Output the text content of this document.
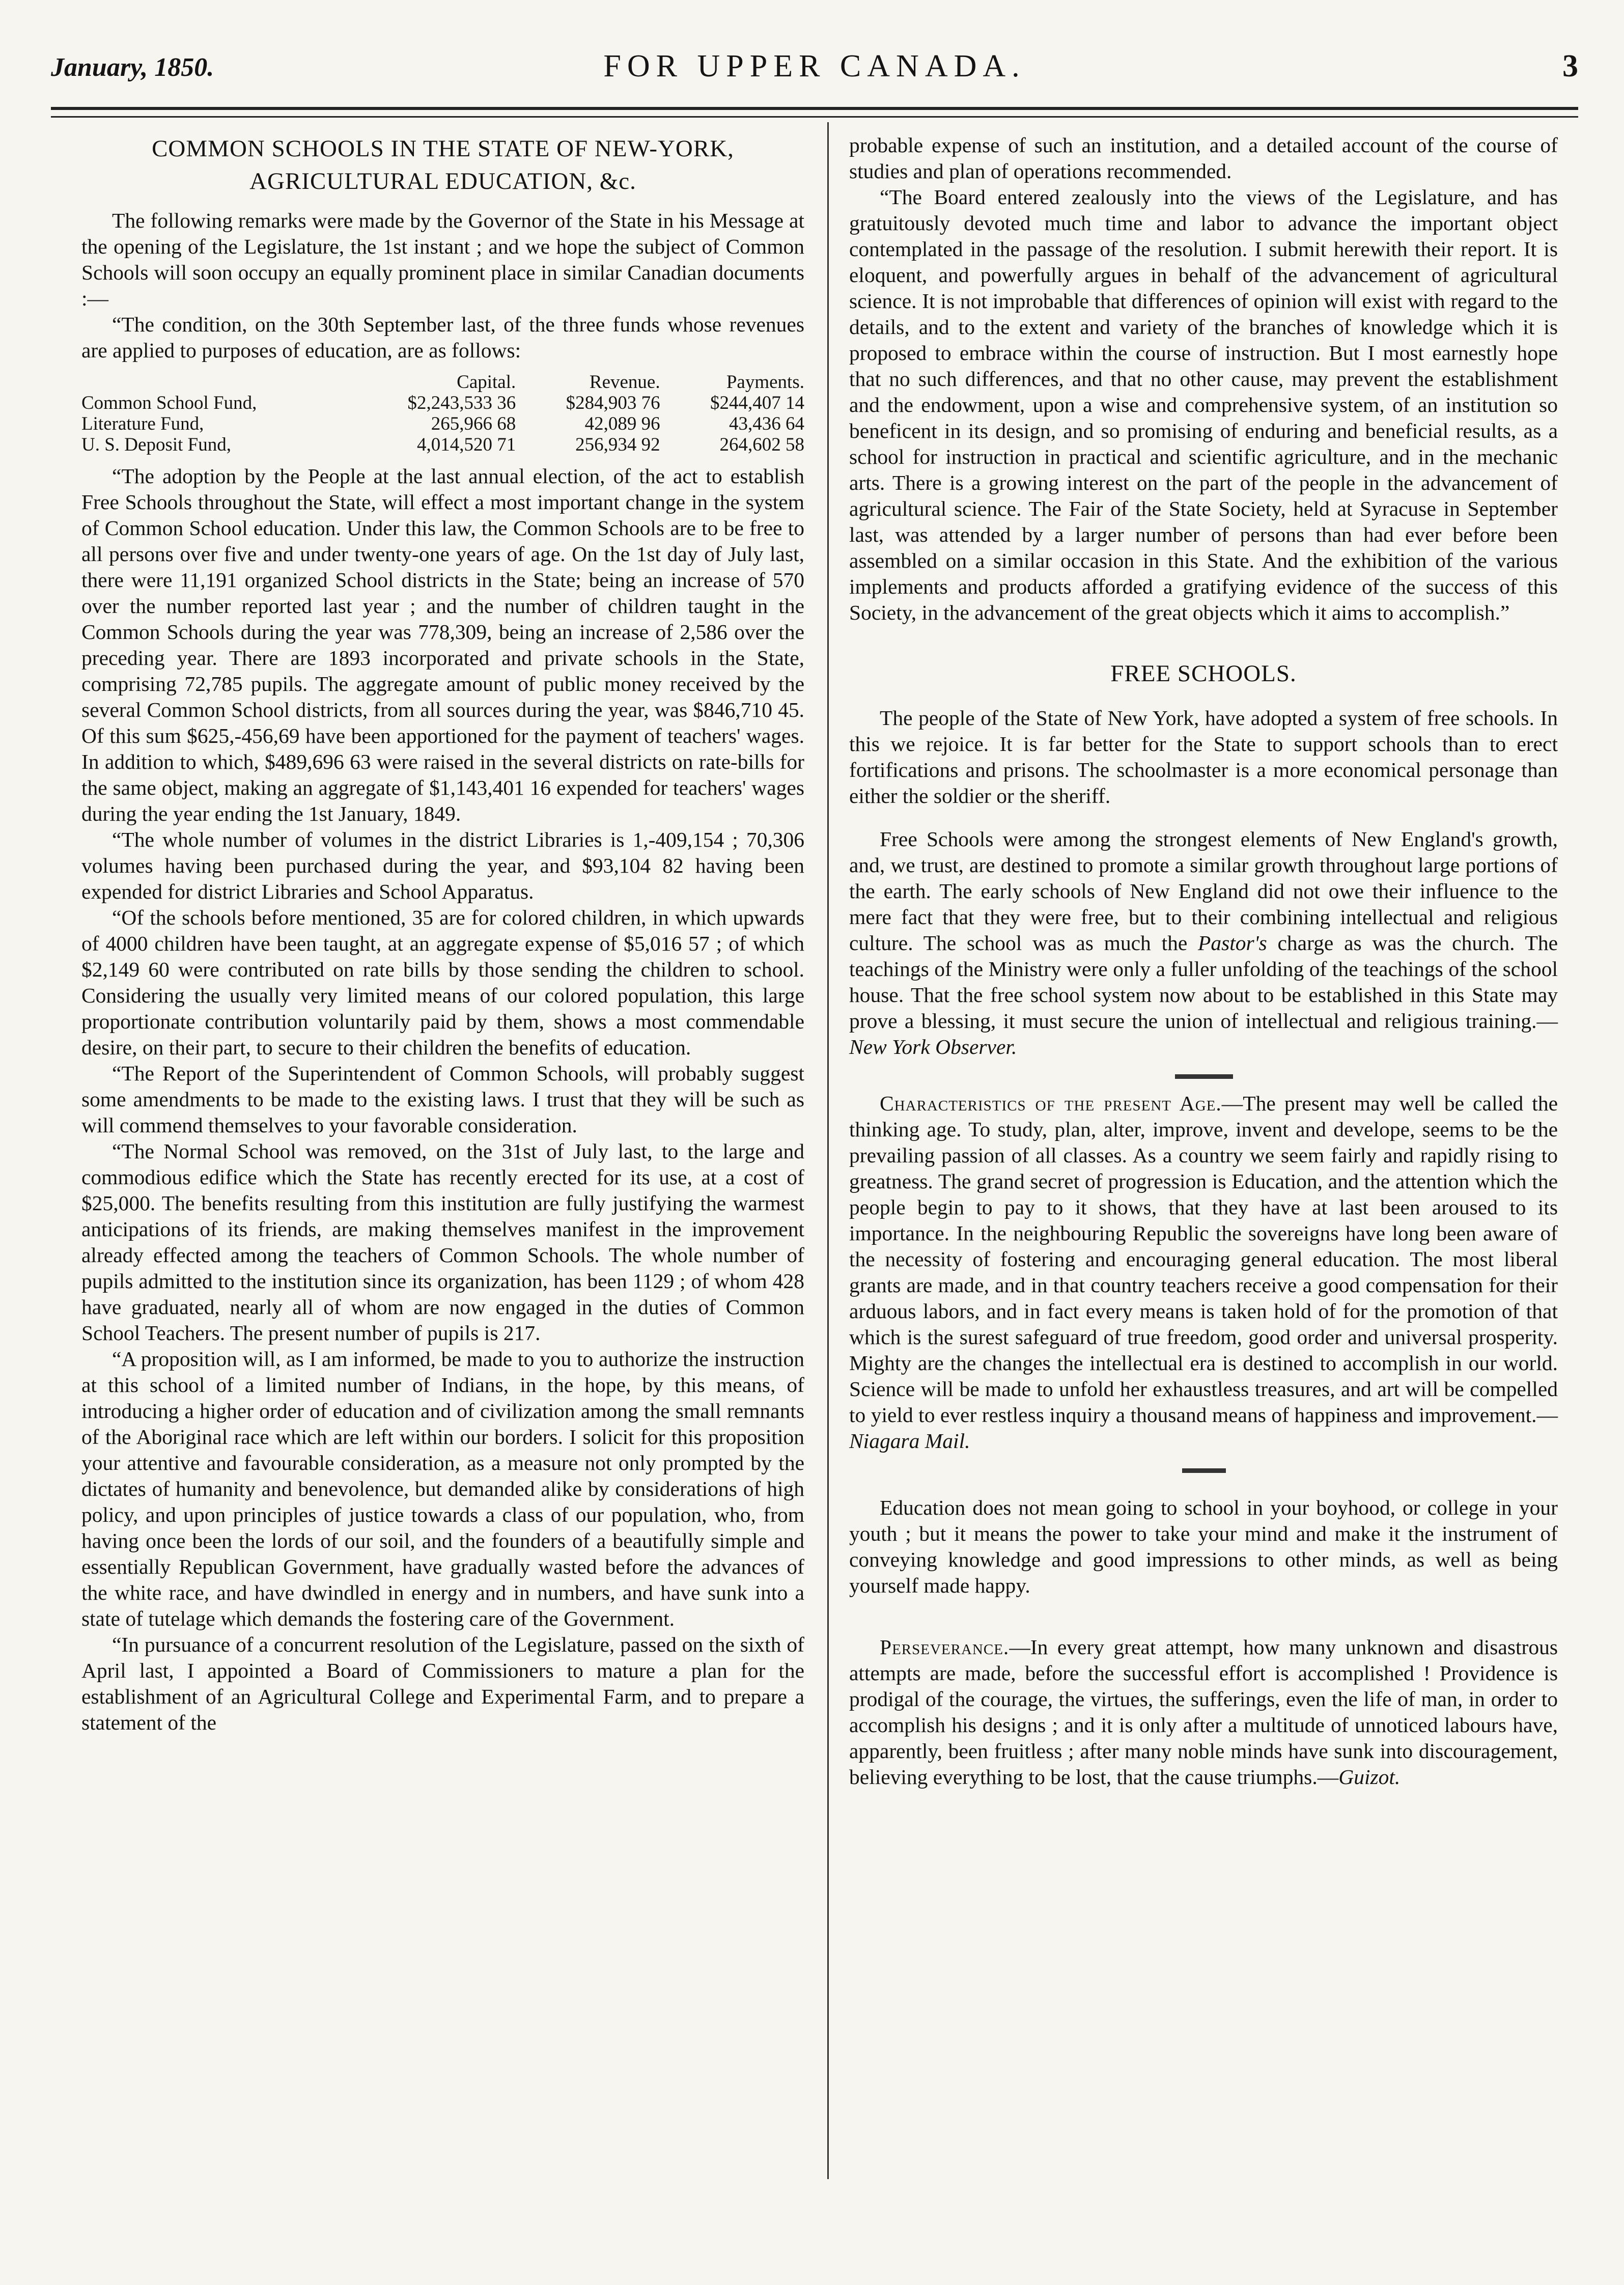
January, 1850.	FOR UPPER CANADA.	3
COMMON SCHOOLS IN THE STATE OF NEW-YORK,
AGRICULTURAL EDUCATION, &c.

The following remarks were made by the Governor of the State in his Message at the opening of the Legislature, the 1st instant ; and we hope the subject of Common Schools will soon occupy an equally prominent place in similar Canadian documents :—

“The condition, on the 30th September last, of the three funds whose revenues are applied to purposes of education, are as follows:

	Capital.	Revenue.	Payments.
Common School Fund,	$2,243,533 36	$284,903 76	$244,407 14
Literature Fund,	265,966 68	42,089 96	43,436 64
U. S. Deposit Fund,	4,014,520 71	256,934 92	264,602 58

“The adoption by the People at the last annual election, of the act to establish Free Schools throughout the State, will effect a most important change in the system of Common School education. Under this law, the Common Schools are to be free to all persons over five and under twenty-one years of age. On the 1st day of July last, there were 11,191 organized School districts in the State; being an increase of 570 over the number reported last year ; and the number of children taught in the Common Schools during the year was 778,309, being an increase of 2,586 over the preceding year. There are 1893 incorporated and private schools in the State, comprising 72,785 pupils. The aggregate amount of public money received by the several Common School districts, from all sources during the year, was $846,710 45. Of this sum $625,-456,69 have been apportioned for the payment of teachers' wages. In addition to which, $489,696 63 were raised in the several districts on rate-bills for the same object, making an aggregate of $1,143,401 16 expended for teachers' wages during the year ending the 1st January, 1849.

“The whole number of volumes in the district Libraries is 1,-409,154 ; 70,306 volumes having been purchased during the year, and $93,104 82 having been expended for district Libraries and School Apparatus.

“Of the schools before mentioned, 35 are for colored children, in which upwards of 4000 children have been taught, at an aggregate expense of $5,016 57 ; of which $2,149 60 were contributed on rate bills by those sending the children to school. Considering the usually very limited means of our colored population, this large proportionate contribution voluntarily paid by them, shows a most commendable desire, on their part, to secure to their children the benefits of education.

“The Report of the Superintendent of Common Schools, will probably suggest some amendments to be made to the existing laws. I trust that they will be such as will commend themselves to your favorable consideration.

“The Normal School was removed, on the 31st of July last, to the large and commodious edifice which the State has recently erected for its use, at a cost of $25,000. The benefits resulting from this institution are fully justifying the warmest anticipations of its friends, are making themselves manifest in the improvement already effected among the teachers of Common Schools. The whole number of pupils admitted to the institution since its organization, has been 1129 ; of whom 428 have graduated, nearly all of whom are now engaged in the duties of Common School Teachers. The present number of pupils is 217.

“A proposition will, as I am informed, be made to you to authorize the instruction at this school of a limited number of Indians, in the hope, by this means, of introducing a higher order of education and of civilization among the small remnants of the Aboriginal race which are left within our borders. I solicit for this proposition your attentive and favourable consideration, as a measure not only prompted by the dictates of humanity and benevolence, but demanded alike by considerations of high policy, and upon principles of justice towards a class of our population, who, from having once been the lords of our soil, and the founders of a beautifully simple and essentially Republican Government, have gradually wasted before the advances of the white race, and have dwindled in energy and in numbers, and have sunk into a state of tutelage which demands the fostering care of the Government.

“In pursuance of a concurrent resolution of the Legislature, passed on the sixth of April last, I appointed a Board of Commissioners to mature a plan for the establishment of an Agricultural College and Experimental Farm, and to prepare a statement of the

probable expense of such an institution, and a detailed account of the course of studies and plan of operations recommended.

“The Board entered zealously into the views of the Legislature, and has gratuitously devoted much time and labor to advance the important object contemplated in the passage of the resolution. I submit herewith their report. It is eloquent, and powerfully argues in behalf of the advancement of agricultural science. It is not improbable that differences of opinion will exist with regard to the details, and to the extent and variety of the branches of knowledge which it is proposed to embrace within the course of instruction. But I most earnestly hope that no such differences, and that no other cause, may prevent the establishment and the endowment, upon a wise and comprehensive system, of an institution so beneficent in its design, and so promising of enduring and beneficial results, as a school for instruction in practical and scientific agriculture, and in the mechanic arts. There is a growing interest on the part of the people in the advancement of agricultural science. The Fair of the State Society, held at Syracuse in September last, was attended by a larger number of persons than had ever before been assembled on a similar occasion in this State. And the exhibition of the various implements and products afforded a gratifying evidence of the success of this Society, in the advancement of the great objects which it aims to accomplish.”

FREE SCHOOLS.

The people of the State of New York, have adopted a system of free schools. In this we rejoice. It is far better for the State to support schools than to erect fortifications and prisons. The schoolmaster is a more economical personage than either the soldier or the sheriff.

Free Schools were among the strongest elements of New England's growth, and, we trust, are destined to promote a similar growth throughout large portions of the earth. The early schools of New England did not owe their influence to the mere fact that they were free, but to their combining intellectual and religious culture. The school was as much the Pastor's charge as was the church. The teachings of the Ministry were only a fuller unfolding of the teachings of the school house. That the free school system now about to be established in this State may prove a blessing, it must secure the union of intellectual and religious training.—New York Observer.

▬▬▬▬

Characteristics of the present Age.—The present may well be called the thinking age. To study, plan, alter, improve, invent and develope, seems to be the prevailing passion of all classes. As a country we seem fairly and rapidly rising to greatness. The grand secret of progression is Education, and the attention which the people begin to pay to it shows, that they have at last been aroused to its importance. In the neighbouring Republic the sovereigns have long been aware of the necessity of fostering and encouraging general education. The most liberal grants are made, and in that country teachers receive a good compensation for their arduous labors, and in fact every means is taken hold of for the promotion of that which is the surest safeguard of true freedom, good order and universal prosperity. Mighty are the changes the intellectual era is destined to accomplish in our world. Science will be made to unfold her exhaustless treasures, and art will be compelled to yield to ever restless inquiry a thousand means of happiness and improvement.—Niagara Mail.

▬▬▬

Education does not mean going to school in your boyhood, or college in your youth ; but it means the power to take your mind and make it the instrument of conveying knowledge and good impressions to other minds, as well as being yourself made happy.

Perseverance.—In every great attempt, how many unknown and disastrous attempts are made, before the successful effort is accomplished ! Providence is prodigal of the courage, the virtues, the sufferings, even the life of man, in order to accomplish his designs ; and it is only after a multitude of unnoticed labours have, apparently, been fruitless ; after many noble minds have sunk into discouragement, believing everything to be lost, that the cause triumphs.—Guizot.
